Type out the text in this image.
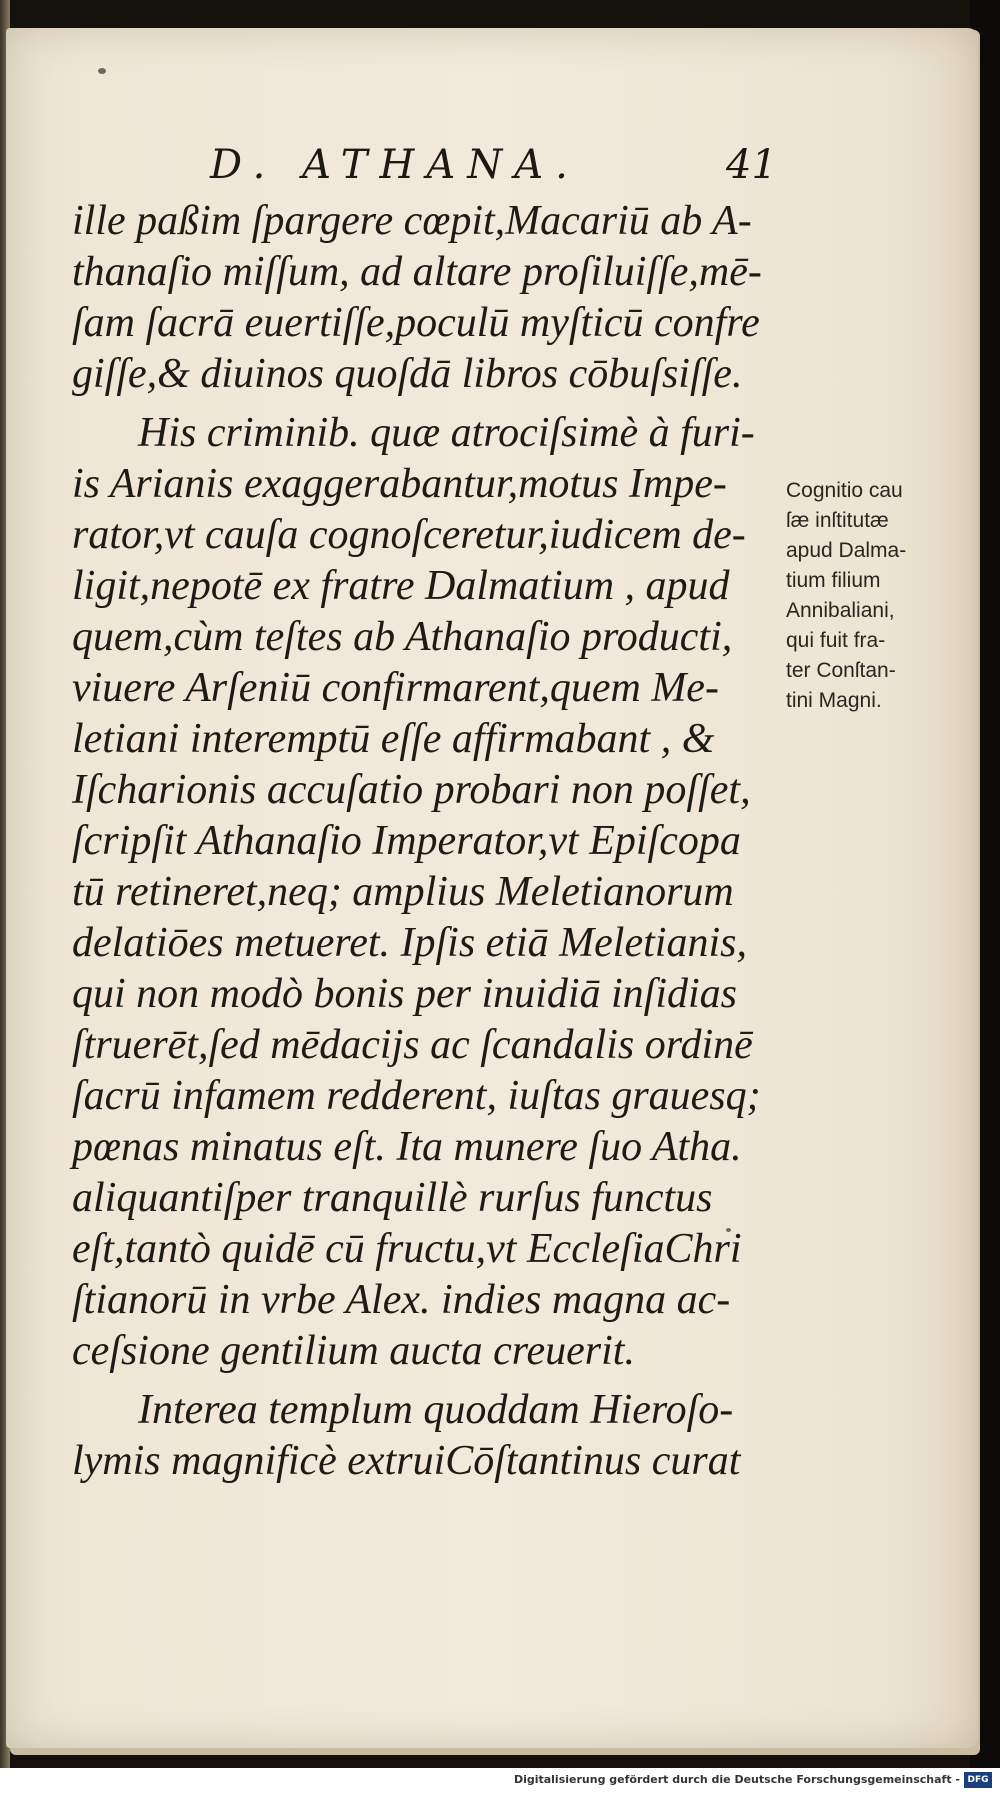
D. ATHANA.	41
ille paßim ſpargere cœpit,Macariū ab A-
thanaſio miſſum, ad altare proſiluiſſe,mē-
ſam ſacrā euertiſſe,poculū myſticū confre
giſſe,& diuinos quoſdā libros cōbuſsiſſe.
His criminib. quæ atrociſsimè à furi-
is Arianis exaggerabantur,motus Impe-
rator,vt cauſa cognoſceretur,iudicem de-
ligit,nepotē ex fratre Dalmatium , apud
quem,cùm teſtes ab Athanaſio producti,
viuere Arſeniū confirmarent,quem Me-
letiani interemptū eſſe affirmabant , &
Iſcharionis accuſatio probari non poſſet,
ſcripſit Athanaſio Imperator,vt Epiſcopa
tū retineret,neq; amplius Meletianorum
delatiōes metueret. Ipſis etiā Meletianis,
qui non modò bonis per inuidiā inſidias
ſtruerēt,ſed mēdacijs ac ſcandalis ordinē
ſacrū infamem redderent, iuſtas grauesq;
pœnas minatus eſt. Ita munere ſuo Atha.
aliquantiſper tranquillè rurſus functus
eſt,tantò quidē cū fructu,vt EccleſiaChri
ſtianorū in vrbe Alex. indies magna ac-
ceſsione gentilium aucta creuerit.
Interea templum quoddam Hieroſo-
lymis magnificè extruiCōſtantinus curat
Cognitio cau
ſæ inſtitutæ
apud Dalma-
tium filium
Annibaliani,
qui fuit fra-
ter Conſtan-
tini Magni.
Digitalisierung gefördert durch die Deutsche Forschungsgemeinschaft - DFG
